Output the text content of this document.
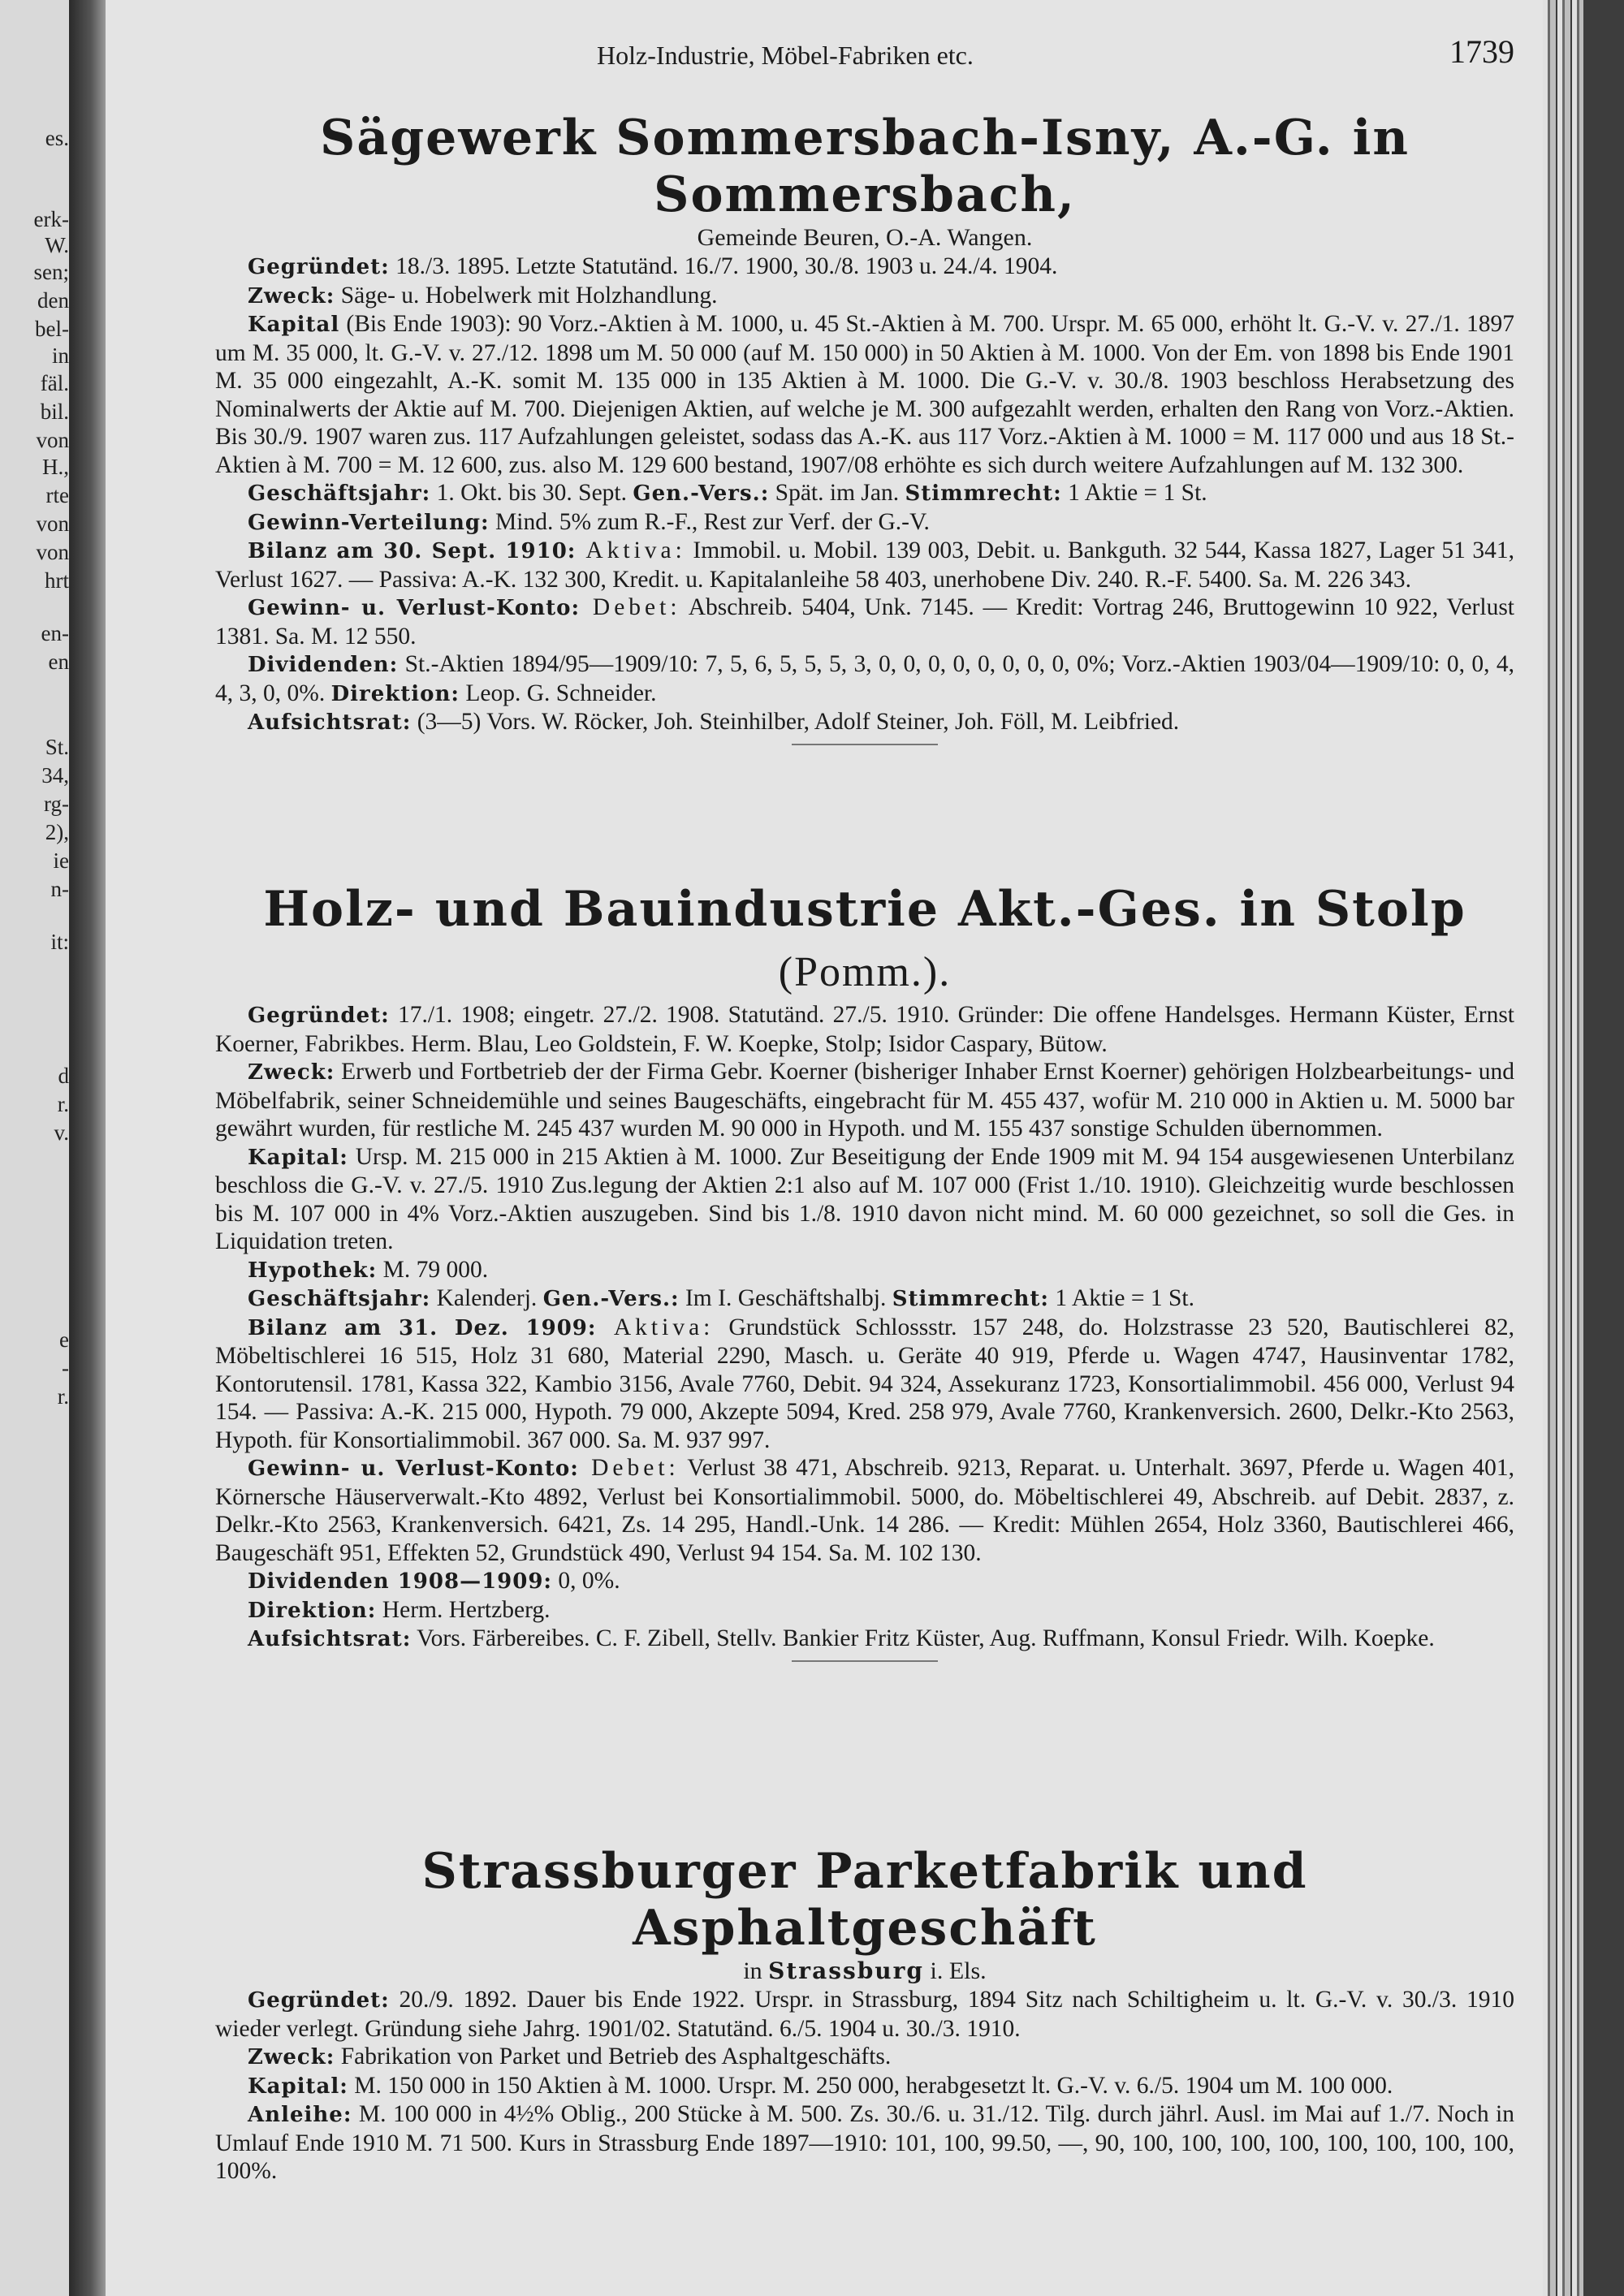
es.
erk-
W.
sen;
den
bel-
in
fäl.
bil.
von
H.,
rte
von
von
hrt
en-
en
St.
34,
rg-
2),
ie
n-
it:
d
r.
v.
e
-
r.
Holz-Industrie, Möbel-Fabriken etc.	1739
Sägewerk Sommersbach-Isny, A.-G. in Sommersbach,

Gemeinde Beuren, O.-A. Wangen.

Gegründet: 18./3. 1895. Letzte Statutänd. 16./7. 1900, 30./8. 1903 u. 24./4. 1904.

Zweck: Säge- u. Hobelwerk mit Holzhandlung.

Kapital (Bis Ende 1903): 90 Vorz.-Aktien à M. 1000, u. 45 St.-Aktien à M. 700. Urspr. M. 65 000, erhöht lt. G.-V. v. 27./1. 1897 um M. 35 000, lt. G.-V. v. 27./12. 1898 um M. 50 000 (auf M. 150 000) in 50 Aktien à M. 1000. Von der Em. von 1898 bis Ende 1901 M. 35 000 eingezahlt, A.-K. somit M. 135 000 in 135 Aktien à M. 1000. Die G.-V. v. 30./8. 1903 beschloss Herabsetzung des Nominalwerts der Aktie auf M. 700. Diejenigen Aktien, auf welche je M. 300 aufgezahlt werden, erhalten den Rang von Vorz.-Aktien. Bis 30./9. 1907 waren zus. 117 Aufzahlungen geleistet, sodass das A.-K. aus 117 Vorz.-Aktien à M. 1000 = M. 117 000 und aus 18 St.-Aktien à M. 700 = M. 12 600, zus. also M. 129 600 bestand, 1907/08 erhöhte es sich durch weitere Aufzahlungen auf M. 132 300.

Geschäftsjahr: 1. Okt. bis 30. Sept. Gen.-Vers.: Spät. im Jan. Stimmrecht: 1 Aktie = 1 St.

Gewinn-Verteilung: Mind. 5% zum R.-F., Rest zur Verf. der G.-V.

Bilanz am 30. Sept. 1910: Aktiva: Immobil. u. Mobil. 139 003, Debit. u. Bankguth. 32 544, Kassa 1827, Lager 51 341, Verlust 1627. — Passiva: A.-K. 132 300, Kredit. u. Kapitalanleihe 58 403, unerhobene Div. 240. R.-F. 5400. Sa. M. 226 343.

Gewinn- u. Verlust-Konto: Debet: Abschreib. 5404, Unk. 7145. — Kredit: Vortrag 246, Bruttogewinn 10 922, Verlust 1381. Sa. M. 12 550.

Dividenden: St.-Aktien 1894/95—1909/10: 7, 5, 6, 5, 5, 5, 3, 0, 0, 0, 0, 0, 0, 0, 0, 0%; Vorz.-Aktien 1903/04—1909/10: 0, 0, 4, 4, 3, 0, 0%. Direktion: Leop. G. Schneider.

Aufsichtsrat: (3—5) Vors. W. Röcker, Joh. Steinhilber, Adolf Steiner, Joh. Föll, M. Leibfried.

Holz- und Bauindustrie Akt.-Ges. in Stolp (Pomm.).

Gegründet: 17./1. 1908; eingetr. 27./2. 1908. Statutänd. 27./5. 1910. Gründer: Die offene Handelsges. Hermann Küster, Ernst Koerner, Fabrikbes. Herm. Blau, Leo Goldstein, F. W. Koepke, Stolp; Isidor Caspary, Bütow.

Zweck: Erwerb und Fortbetrieb der der Firma Gebr. Koerner (bisheriger Inhaber Ernst Koerner) gehörigen Holzbearbeitungs- und Möbelfabrik, seiner Schneidemühle und seines Baugeschäfts, eingebracht für M. 455 437, wofür M. 210 000 in Aktien u. M. 5000 bar gewährt wurden, für restliche M. 245 437 wurden M. 90 000 in Hypoth. und M. 155 437 sonstige Schulden übernommen.

Kapital: Ursp. M. 215 000 in 215 Aktien à M. 1000. Zur Beseitigung der Ende 1909 mit M. 94 154 ausgewiesenen Unterbilanz beschloss die G.-V. v. 27./5. 1910 Zus.legung der Aktien 2:1 also auf M. 107 000 (Frist 1./10. 1910). Gleichzeitig wurde beschlossen bis M. 107 000 in 4% Vorz.-Aktien auszugeben. Sind bis 1./8. 1910 davon nicht mind. M. 60 000 gezeichnet, so soll die Ges. in Liquidation treten.

Hypothek: M. 79 000.

Geschäftsjahr: Kalenderj. Gen.-Vers.: Im I. Geschäftshalbj. Stimmrecht: 1 Aktie = 1 St.

Bilanz am 31. Dez. 1909: Aktiva: Grundstück Schlossstr. 157 248, do. Holzstrasse 23 520, Bautischlerei 82, Möbeltischlerei 16 515, Holz 31 680, Material 2290, Masch. u. Geräte 40 919, Pferde u. Wagen 4747, Hausinventar 1782, Kontorutensil. 1781, Kassa 322, Kambio 3156, Avale 7760, Debit. 94 324, Assekuranz 1723, Konsortialimmobil. 456 000, Verlust 94 154. — Passiva: A.-K. 215 000, Hypoth. 79 000, Akzepte 5094, Kred. 258 979, Avale 7760, Krankenversich. 2600, Delkr.-Kto 2563, Hypoth. für Konsortialimmobil. 367 000. Sa. M. 937 997.

Gewinn- u. Verlust-Konto: Debet: Verlust 38 471, Abschreib. 9213, Reparat. u. Unterhalt. 3697, Pferde u. Wagen 401, Körnersche Häuserverwalt.-Kto 4892, Verlust bei Konsortialimmobil. 5000, do. Möbeltischlerei 49, Abschreib. auf Debit. 2837, z. Delkr.-Kto 2563, Krankenversich. 6421, Zs. 14 295, Handl.-Unk. 14 286. — Kredit: Mühlen 2654, Holz 3360, Bautischlerei 466, Baugeschäft 951, Effekten 52, Grundstück 490, Verlust 94 154. Sa. M. 102 130.

Dividenden 1908—1909: 0, 0%.

Direktion: Herm. Hertzberg.

Aufsichtsrat: Vors. Färbereibes. C. F. Zibell, Stellv. Bankier Fritz Küster, Aug. Ruffmann, Konsul Friedr. Wilh. Koepke.

Strassburger Parketfabrik und Asphaltgeschäft

in Strassburg i. Els.

Gegründet: 20./9. 1892. Dauer bis Ende 1922. Urspr. in Strassburg, 1894 Sitz nach Schiltigheim u. lt. G.-V. v. 30./3. 1910 wieder verlegt. Gründung siehe Jahrg. 1901/02. Statutänd. 6./5. 1904 u. 30./3. 1910.

Zweck: Fabrikation von Parket und Betrieb des Asphaltgeschäfts.

Kapital: M. 150 000 in 150 Aktien à M. 1000. Urspr. M. 250 000, herabgesetzt lt. G.-V. v. 6./5. 1904 um M. 100 000.

Anleihe: M. 100 000 in 4½% Oblig., 200 Stücke à M. 500. Zs. 30./6. u. 31./12. Tilg. durch jährl. Ausl. im Mai auf 1./7. Noch in Umlauf Ende 1910 M. 71 500. Kurs in Strassburg Ende 1897—1910: 101, 100, 99.50, —, 90, 100, 100, 100, 100, 100, 100, 100, 100, 100%.
